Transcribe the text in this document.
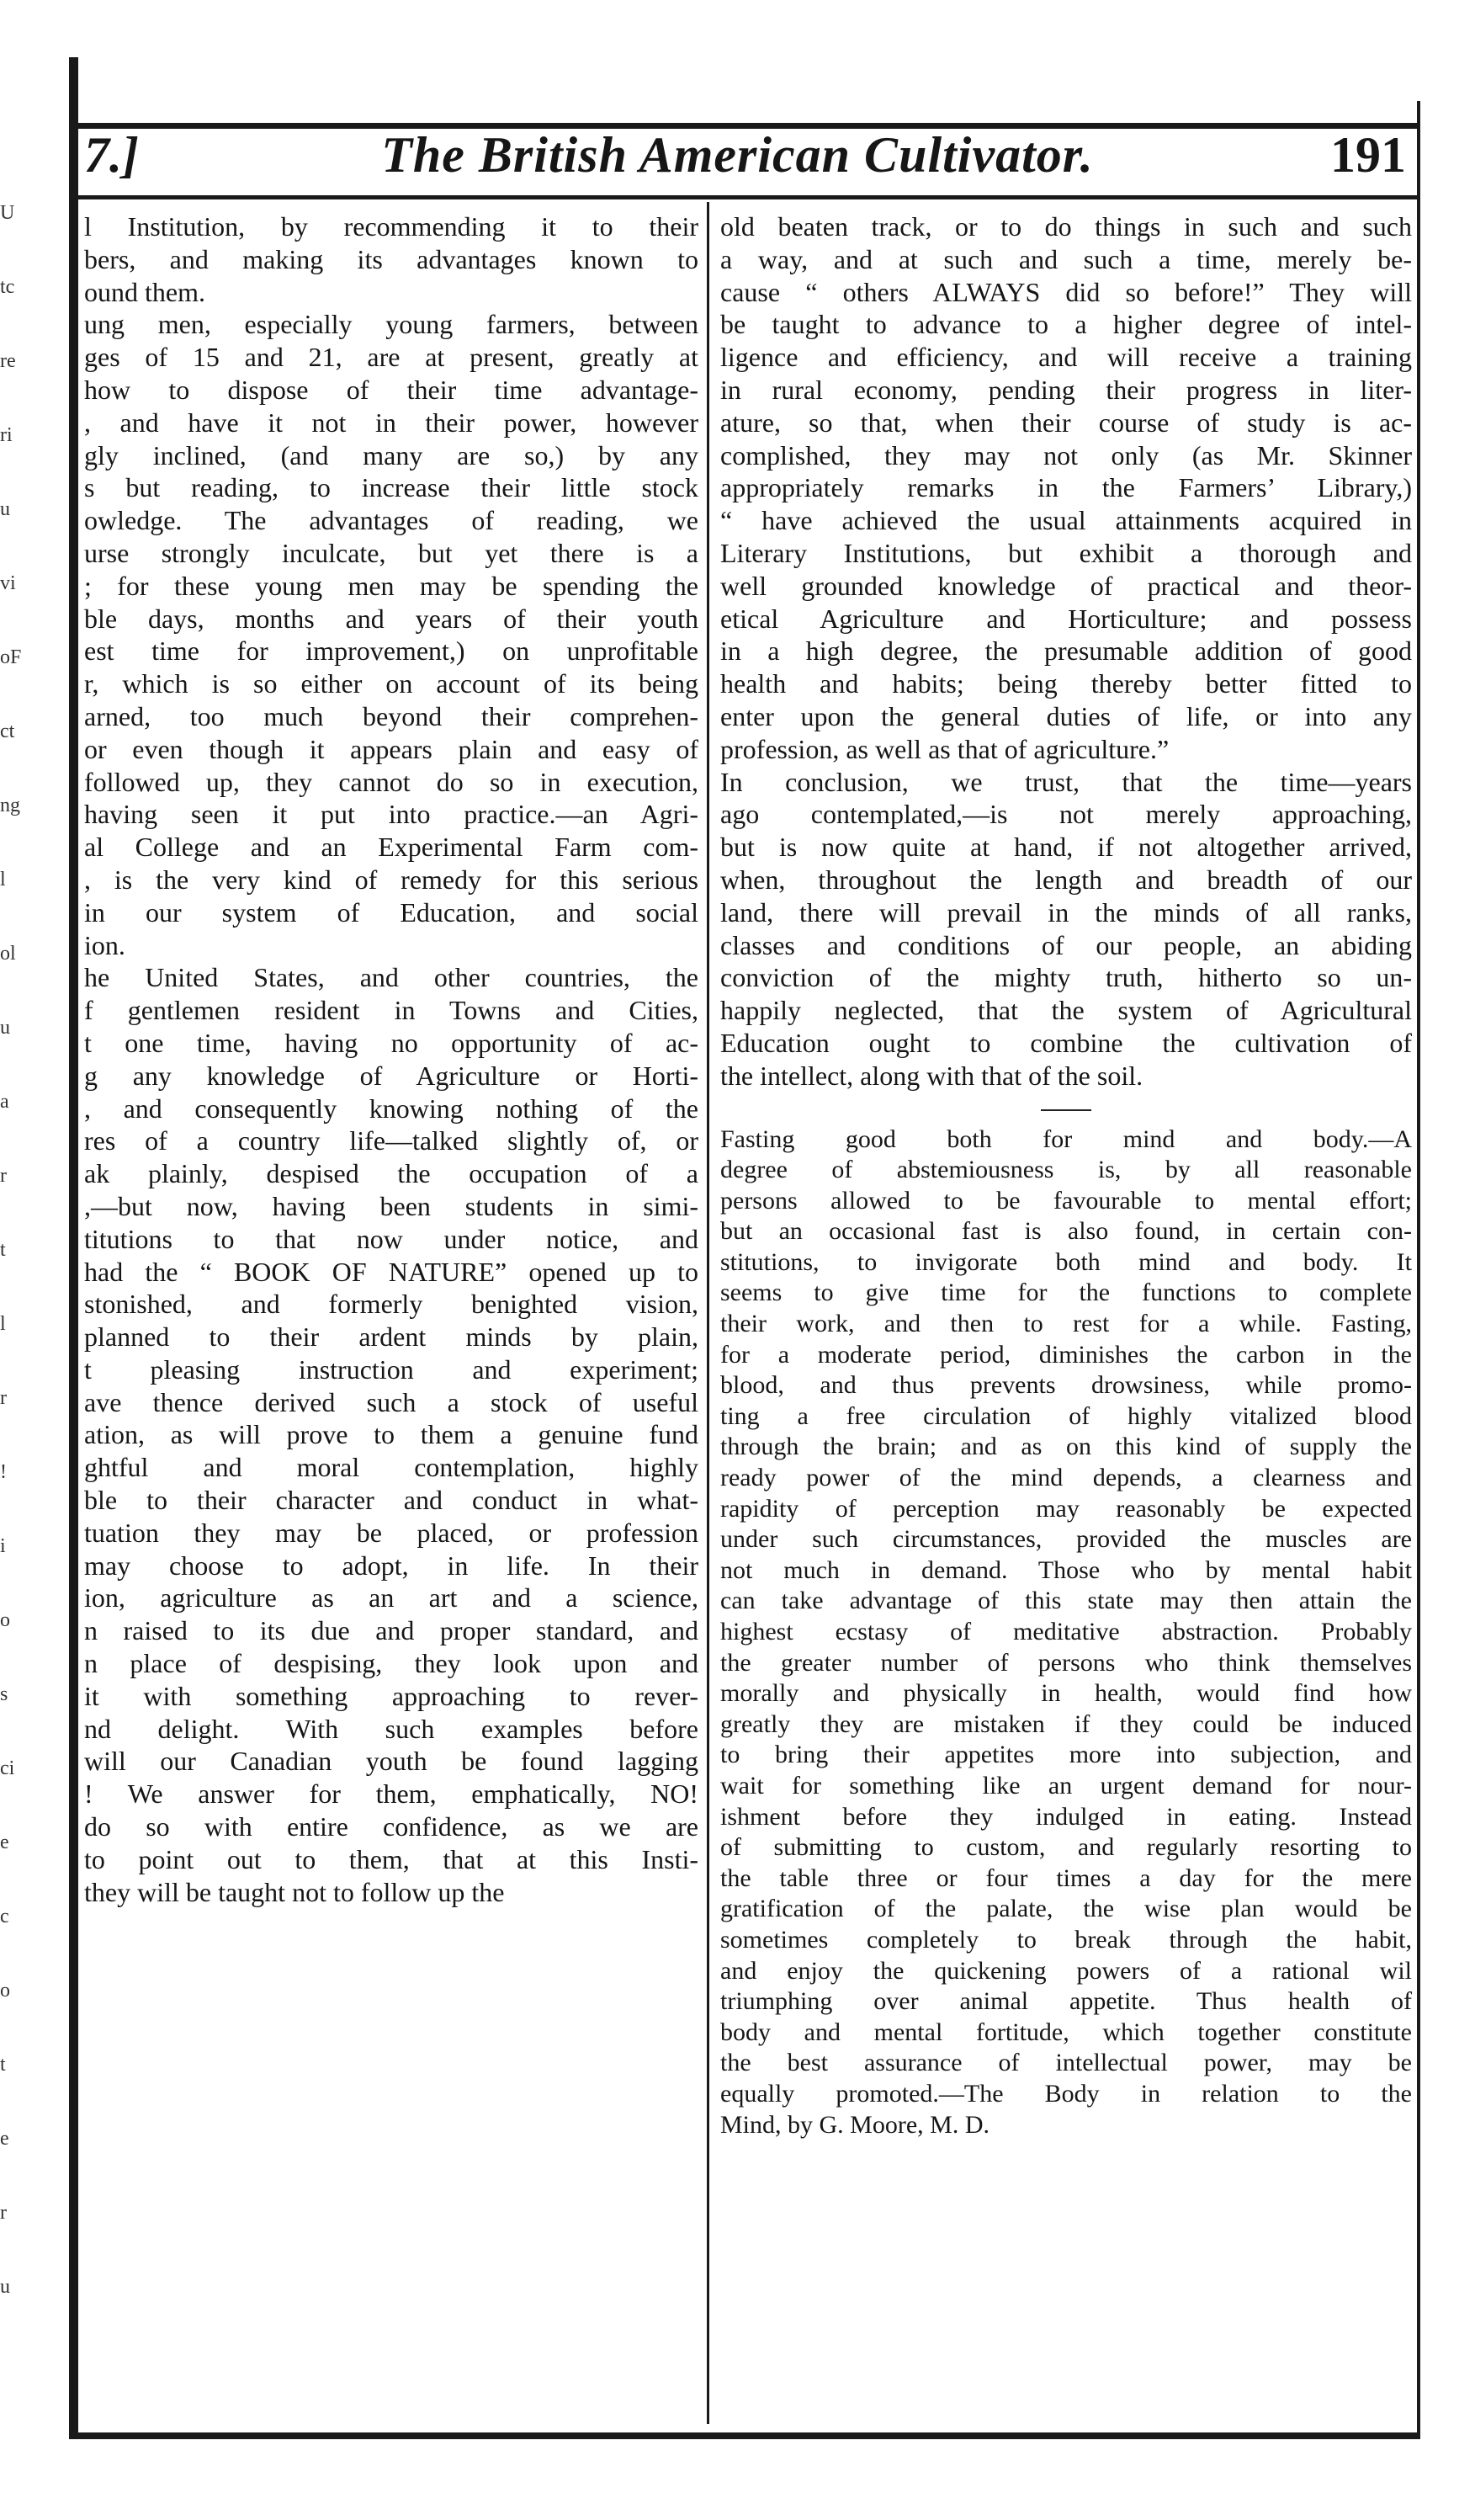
7.]	The British American Cultivator.	191
U
tc
re
ri
u
vi
oF
ct
ng
l
ol
u
a
r
t
l
r
!
i
o
s
ci
e
c
o
t
e
r
u
l Institution, by recommending it to their
bers, and making its advantages known to
ound them.
ung men, especially young farmers, between
ges of 15 and 21, are at present, greatly at
how to dispose of their time advantage-
, and have it not in their power, however
gly inclined, (and many are so,) by any
s but reading, to increase their little stock
owledge. The advantages of reading, we
urse strongly inculcate, but yet there is a
; for these young men may be spending the
ble days, months and years of their youth
est time for improvement,) on unprofitable
r, which is so either on account of its being
arned, too much beyond their comprehen-
or even though it appears plain and easy of
followed up, they cannot do so in execution,
having seen it put into practice.—an Agri-
al College and an Experimental Farm com-
, is the very kind of remedy for this serious
in our system of Education, and social
ion.
he United States, and other countries, the
f gentlemen resident in Towns and Cities,
t one time, having no opportunity of ac-
g any knowledge of Agriculture or Horti-
, and consequently knowing nothing of the
res of a country life—talked slightly of, or
ak plainly, despised the occupation of a
,—but now, having been students in simi-
titutions to that now under notice, and
had the “ BOOK OF NATURE” opened up to
stonished, and formerly benighted vision,
planned to their ardent minds by plain,
t pleasing instruction and experiment;
ave thence derived such a stock of useful
ation, as will prove to them a genuine fund
ghtful and moral contemplation, highly
ble to their character and conduct in what-
tuation they may be placed, or profession
may choose to adopt, in life. In their
ion, agriculture as an art and a science,
n raised to its due and proper standard, and
n place of despising, they look upon and
it with something approaching to rever-
nd delight. With such examples before
will our Canadian youth be found lagging
! We answer for them, emphatically, NO!
do so with entire confidence, as we are
to point out to them, that at this Insti-
they will be taught not to follow up the
old beaten track, or to do things in such and such
a way, and at such and such a time, merely be-
cause “ others ALWAYS did so before!” They will
be taught to advance to a higher degree of intel-
ligence and efficiency, and will receive a training
in rural economy, pending their progress in liter-
ature, so that, when their course of study is ac-
complished, they may not only (as Mr. Skinner
appropriately remarks in the Farmers’ Library,)
“ have achieved the usual attainments acquired in
Literary Institutions, but exhibit a thorough and
well grounded knowledge of practical and theor-
etical Agriculture and Horticulture; and possess
in a high degree, the presumable addition of good
health and habits; being thereby better fitted to
enter upon the general duties of life, or into any
profession, as well as that of agriculture.”
In conclusion, we trust, that the time—years
ago contemplated,—is not merely approaching,
but is now quite at hand, if not altogether arrived,
when, throughout the length and breadth of our
land, there will prevail in the minds of all ranks,
classes and conditions of our people, an abiding
conviction of the mighty truth, hitherto so un-
happily neglected, that the system of Agricultural
Education ought to combine the cultivation of
the intellect, along with that of the soil.
Fasting good both for mind and body.—A
degree of abstemiousness is, by all reasonable
persons allowed to be favourable to mental effort;
but an occasional fast is also found, in certain con-
stitutions, to invigorate both mind and body. It
seems to give time for the functions to complete
their work, and then to rest for a while. Fasting,
for a moderate period, diminishes the carbon in the
blood, and thus prevents drowsiness, while promo-
ting a free circulation of highly vitalized blood
through the brain; and as on this kind of supply the
ready power of the mind depends, a clearness and
rapidity of perception may reasonably be expected
under such circumstances, provided the muscles are
not much in demand. Those who by mental habit
can take advantage of this state may then attain the
highest ecstasy of meditative abstraction. Probably
the greater number of persons who think themselves
morally and physically in health, would find how
greatly they are mistaken if they could be induced
to bring their appetites more into subjection, and
wait for something like an urgent demand for nour-
ishment before they indulged in eating. Instead
of submitting to custom, and regularly resorting to
the table three or four times a day for the mere
gratification of the palate, the wise plan would be
sometimes completely to break through the habit,
and enjoy the quickening powers of a rational wil
triumphing over animal appetite. Thus health of
body and mental fortitude, which together constitute
the best assurance of intellectual power, may be
equally promoted.—The Body in relation to the
Mind, by G. Moore, M. D.
